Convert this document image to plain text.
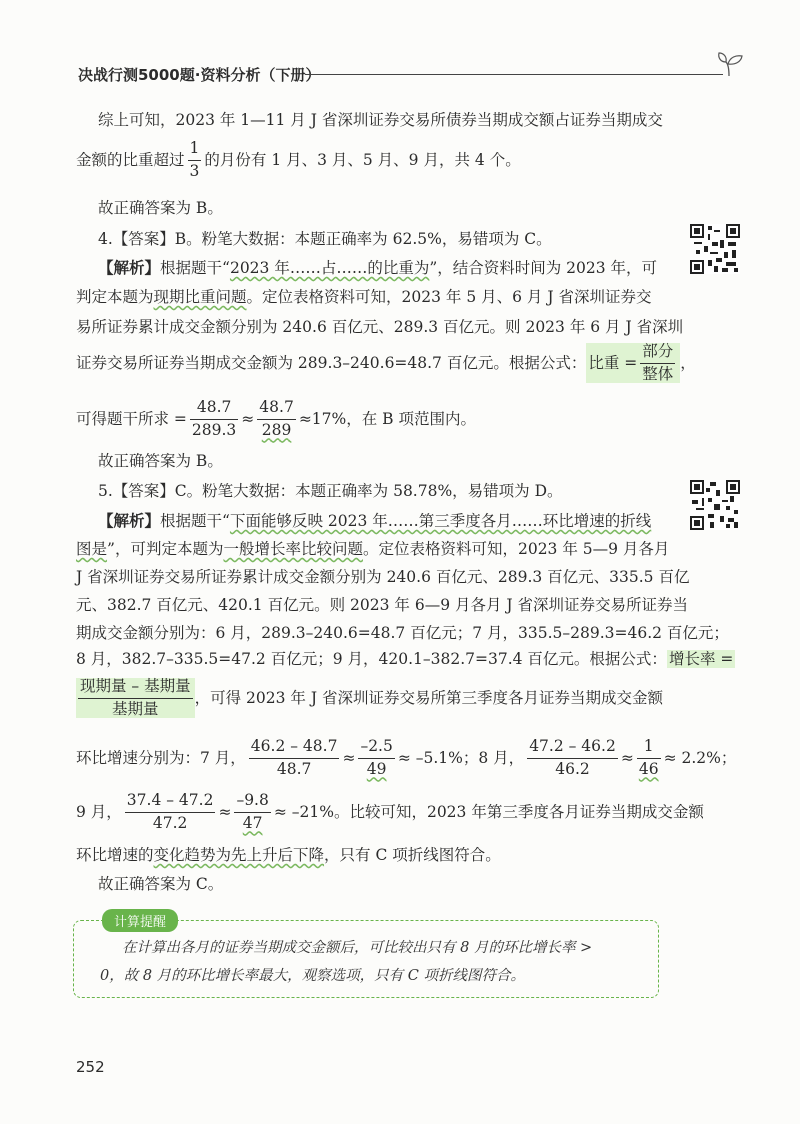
决战行测5000题·资料分析（下册）
综上可知，2023 年 1—11 月 J 省深圳证券交易所债券当期成交额占证券当期成交
金额的比重超过 $\frac{1}{3}$ 的月份有 1 月、3 月、5 月、9 月，共 4 个。
故正确答案为 B。
4.【答案】B。粉笔大数据：本题正确率为 62.5%，易错项为 C。
【解析】根据题干“2023 年……占……的比重为”，结合资料时间为 2023 年，可
判定本题为现期比重问题。定位表格资料可知，2023 年 5 月、6 月 J 省深圳证券交
易所证券累计成交金额分别为 240.6 百亿元、289.3 百亿元。则 2023 年 6 月 J 省深圳
证券交易所证券当期成交金额为 289.3–240.6=48.7 百亿元。根据公式： 比重 = $\frac{\text{部分}}{\text{整体}}$ ，
可得题干所求 = $\frac{48.7}{289.3} \approx \frac{48.7}{289} \approx 17\%$，在 B 项范围内。
故正确答案为 B。
5.【答案】C。粉笔大数据：本题正确率为 58.78%，易错项为 D。
【解析】根据题干“下面能够反映 2023 年……第三季度各月……环比增速的折线
图是”，可判定本题为一般增长率比较问题。定位表格资料可知，2023 年 5—9 月各月
J 省深圳证券交易所证券累计成交金额分别为 240.6 百亿元、289.3 百亿元、335.5 百亿
元、382.7 百亿元、420.1 百亿元。则 2023 年 6—9 月各月 J 省深圳证券交易所证券当
期成交金额分别为：6 月，289.3–240.6=48.7 百亿元；7 月，335.5–289.3=46.2 百亿元；
8 月，382.7–335.5=47.2 百亿元；9 月，420.1–382.7=37.4 百亿元。根据公式： 增长率 =
$\frac{\text{现期量 – 基期量}}{\text{基期量}}$ ，可得 2023 年 J 省深圳证券交易所第三季度各月证券当期成交金额
环比增速分别为：7 月， $\frac{46.2 - 48.7}{48.7} \approx \frac{-2.5}{49} \approx -5.1\%$；8 月， $\frac{47.2 - 46.2}{46.2} \approx \frac{1}{46} \approx 2.2\%$；
9 月， $\frac{37.4 - 47.2}{47.2} \approx \frac{-9.8}{47} \approx -21\%$。比较可知，2023 年第三季度各月证券当期成交金额
环比增速的变化趋势为先上升后下降，只有 C 项折线图符合。
故正确答案为 C。
计算提醒
在计算出各月的证券当期成交金额后，可比较出只有 8 月的环比增长率 >
0，故 8 月的环比增长率最大，观察选项，只有 C 项折线图符合。
252
